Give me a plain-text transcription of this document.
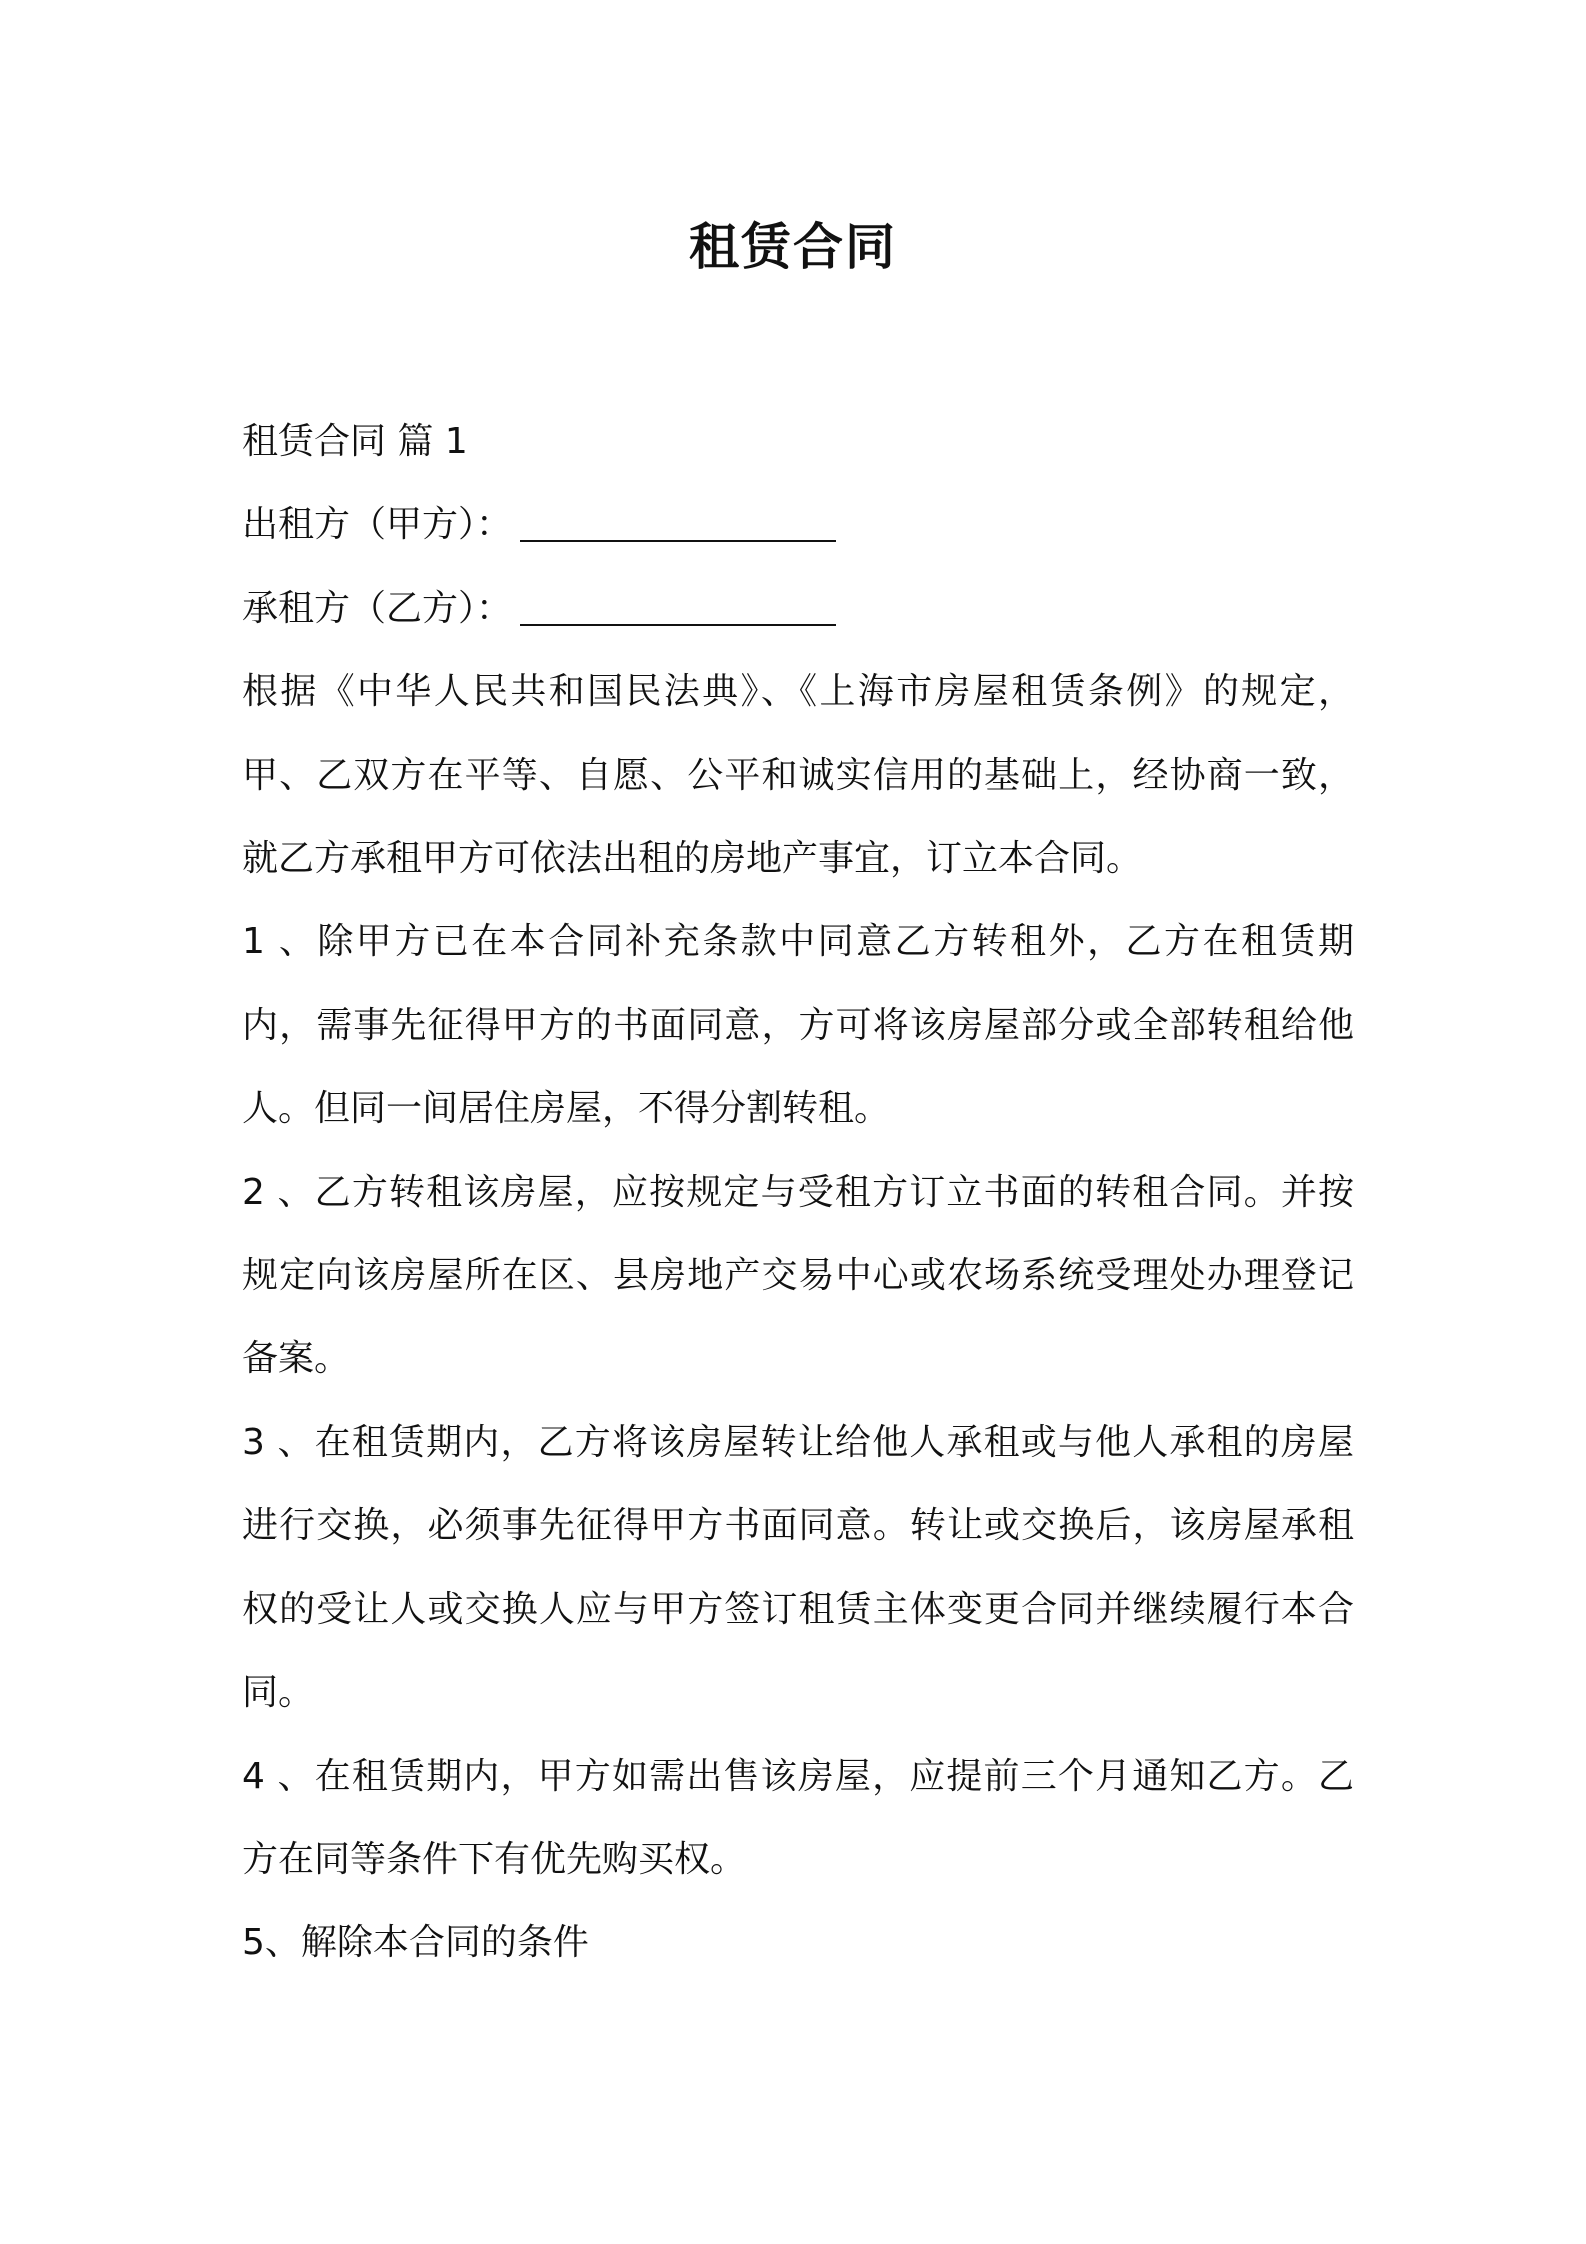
租赁合同

租赁合同 篇 1

出租方（甲方）：

承租方（乙方）：

根据《中华人民共和国民法典》、《上海市房屋租赁条例》的规定，甲、乙双方在平等、自愿、公平和诚实信用的基础上，经协商一致，就乙方承租甲方可依法出租的房地产事宜，订立本合同。

1 、除甲方已在本合同补充条款中同意乙方转租外，乙方在租赁期内，需事先征得甲方的书面同意，方可将该房屋部分或全部转租给他人。但同一间居住房屋，不得分割转租。

2 、乙方转租该房屋，应按规定与受租方订立书面的转租合同。并按规定向该房屋所在区、县房地产交易中心或农场系统受理处办理登记备案。

3 、在租赁期内，乙方将该房屋转让给他人承租或与他人承租的房屋进行交换，必须事先征得甲方书面同意。转让或交换后，该房屋承租权的受让人或交换人应与甲方签订租赁主体变更合同并继续履行本合同。

4 、在租赁期内，甲方如需出售该房屋，应提前三个月通知乙方。乙方在同等条件下有优先购买权。

5、解除本合同的条件
